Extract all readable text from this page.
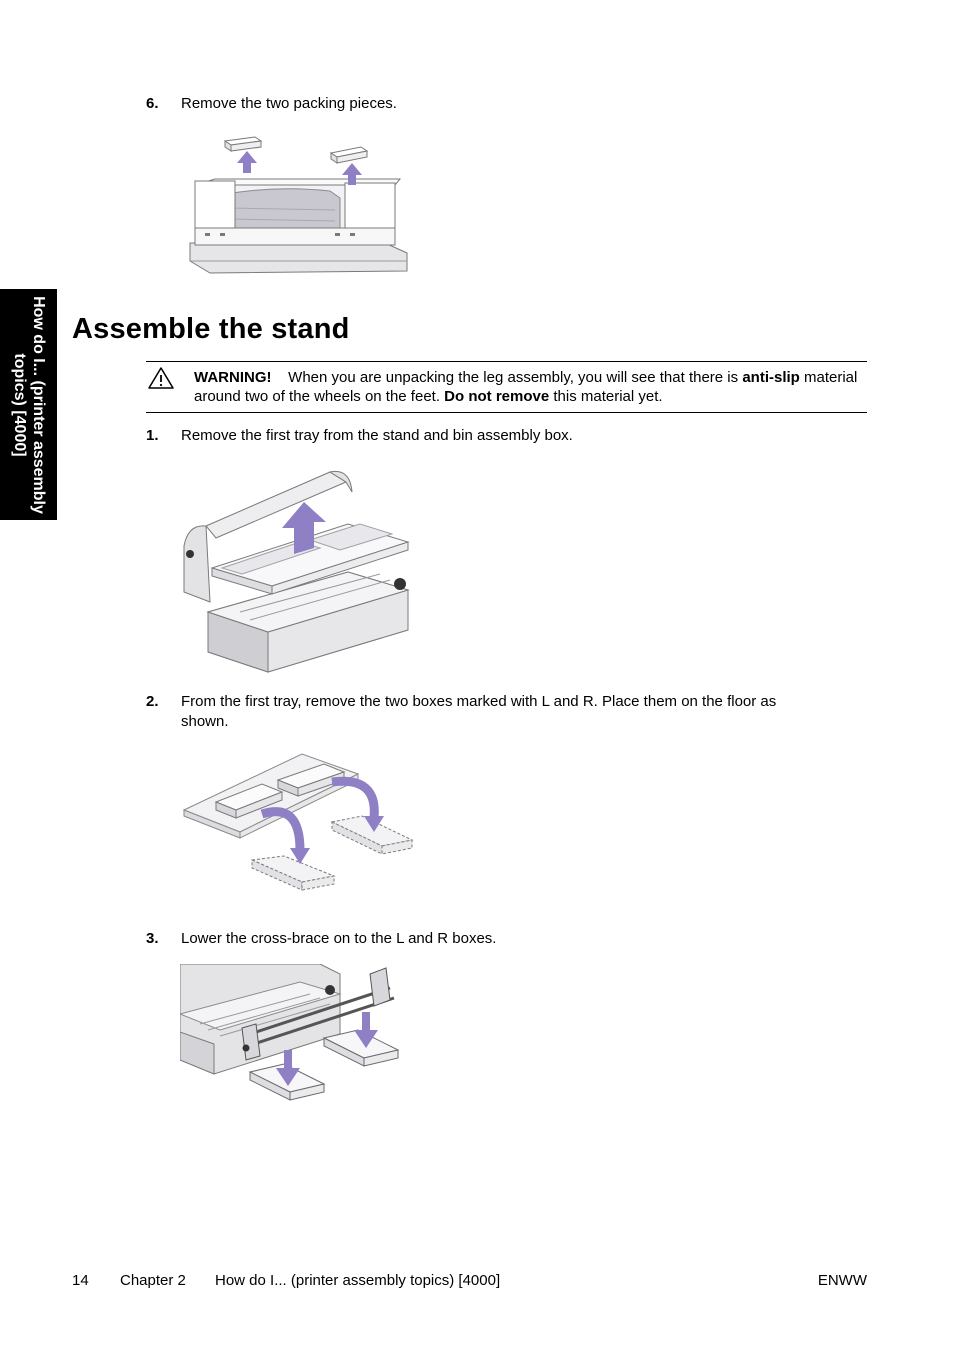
How do I... (printer assembly topics) [4000]
6. Remove the two packing pieces.
Assemble the stand
WARNING! When you are unpacking the leg assembly, you will see that there is anti-slip material around two of the wheels on the feet. Do not remove this material yet.
1. Remove the first tray from the stand and bin assembly box.
2. From the first tray, remove the two boxes marked with L and R. Place them on the floor as
shown.
3. Lower the cross-brace on to the L and R boxes.
14 Chapter 2 How do I... (printer assembly topics) [4000]	ENWW
